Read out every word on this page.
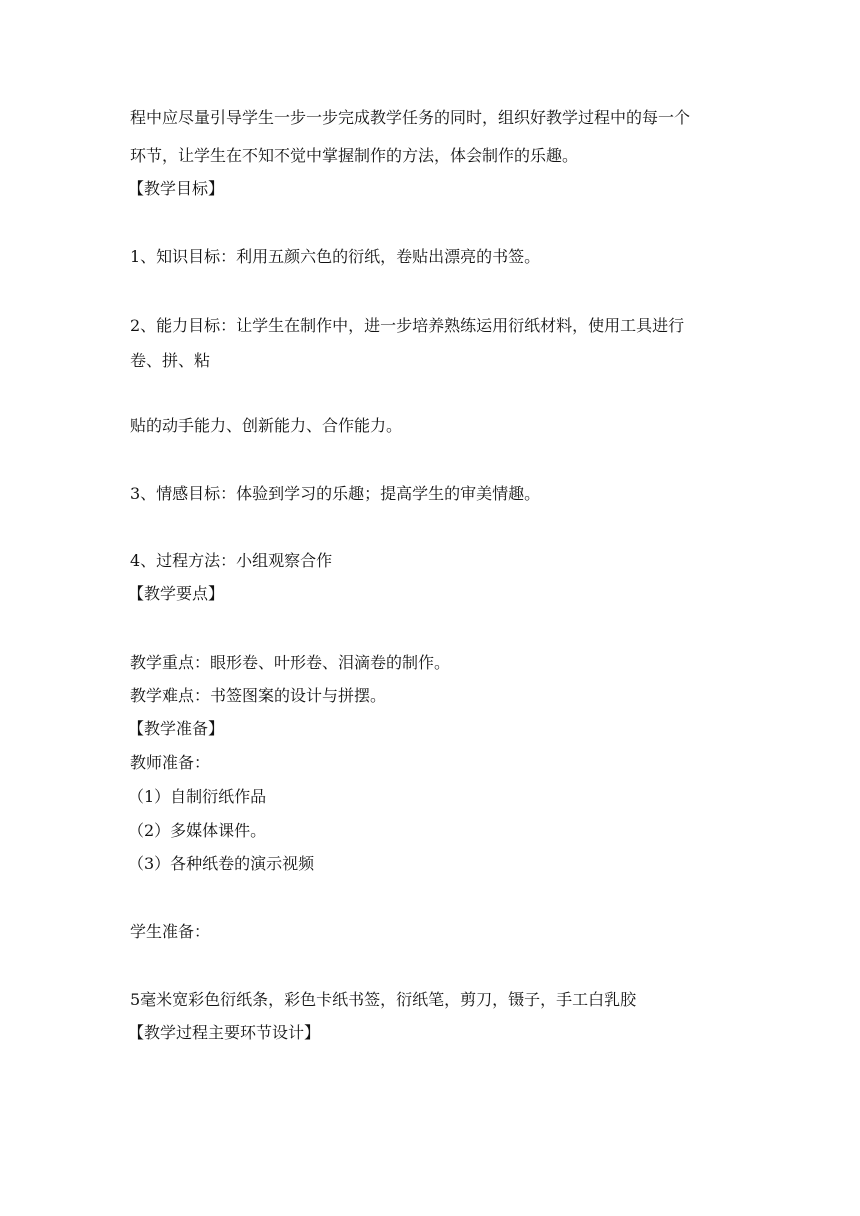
程中应尽量引导学生一步一步完成教学任务的同时，组织好教学过程中的每一个
环节，让学生在不知不觉中掌握制作的方法，体会制作的乐趣。
【教学目标】
1、知识目标：利用五颜六色的衍纸，卷贴出漂亮的书签。
2、能力目标：让学生在制作中，进一步培养熟练运用衍纸材料，使用工具进行
卷、拼、粘
贴的动手能力、创新能力、合作能力。
3、情感目标：体验到学习的乐趣；提高学生的审美情趣。
4、过程方法：小组观察合作
【教学要点】
教学重点：眼形卷、叶形卷、泪滴卷的制作。
教学难点：书签图案的设计与拼摆。
【教学准备】
教师准备：
（1）自制衍纸作品
（2）多媒体课件。
（3）各种纸卷的演示视频
学生准备：
5毫米宽彩色衍纸条，彩色卡纸书签，衍纸笔，剪刀，镊子，手工白乳胶
【教学过程主要环节设计】
